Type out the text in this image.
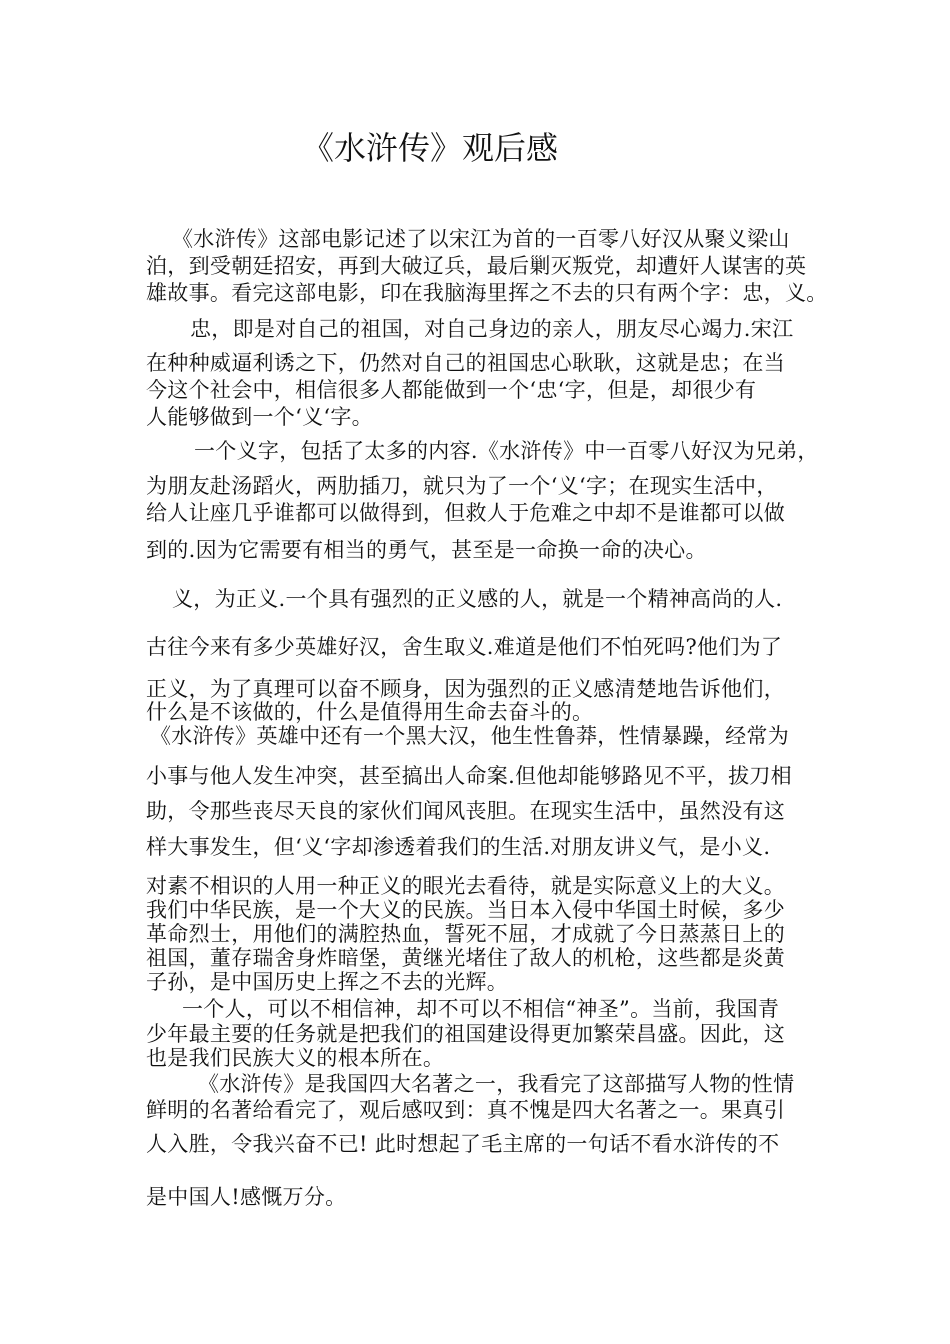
《水浒传》观后感
《水浒传》这部电影记述了以宋江为首的一百零八好汉从聚义梁山
泊，到受朝廷招安，再到大破辽兵，最后剿灭叛党，却遭奸人谋害的英
雄故事。看完这部电影，印在我脑海里挥之不去的只有两个字：忠，义。
忠，即是对自己的祖国，对自己身边的亲人，朋友尽心竭力.宋江
在种种威逼利诱之下，仍然对自己的祖国忠心耿耿，这就是忠；在当
今这个社会中，相信很多人都能做到一个‘忠‘字，但是，却很少有
人能够做到一个‘义‘字。
一个义字，包括了太多的内容.《水浒传》中一百零八好汉为兄弟，
为朋友赴汤蹈火，两肋插刀，就只为了一个‘义‘字；在现实生活中，
给人让座几乎谁都可以做得到，但救人于危难之中却不是谁都可以做
到的.因为它需要有相当的勇气，甚至是一命换一命的决心。
义，为正义.一个具有强烈的正义感的人，就是一个精神高尚的人.
古往今来有多少英雄好汉，舍生取义.难道是他们不怕死吗?他们为了
正义，为了真理可以奋不顾身，因为强烈的正义感清楚地告诉他们，
什么是不该做的，什么是值得用生命去奋斗的。
《水浒传》英雄中还有一个黑大汉，他生性鲁莽，性情暴躁，经常为
小事与他人发生冲突，甚至搞出人命案.但他却能够路见不平，拔刀相
助，令那些丧尽天良的家伙们闻风丧胆。在现实生活中，虽然没有这
样大事发生，但‘义‘字却渗透着我们的生活.对朋友讲义气，是小义.
对素不相识的人用一种正义的眼光去看待，就是实际意义上的大义。
我们中华民族，是一个大义的民族。当日本入侵中华国土时候，多少
革命烈士，用他们的满腔热血，誓死不屈，才成就了今日蒸蒸日上的
祖国，董存瑞舍身炸暗堡，黄继光堵住了敌人的机枪，这些都是炎黄
子孙，是中国历史上挥之不去的光辉。
一个人，可以不相信神，却不可以不相信“神圣”。当前，我国青
少年最主要的任务就是把我们的祖国建设得更加繁荣昌盛。因此，这
也是我们民族大义的根本所在。
《水浒传》是我国四大名著之一，我看完了这部描写人物的性情
鲜明的名著给看完了，观后感叹到：真不愧是四大名著之一。果真引
人入胜，令我兴奋不已! 此时想起了毛主席的一句话不看水浒传的不
是中国人!感慨万分。
